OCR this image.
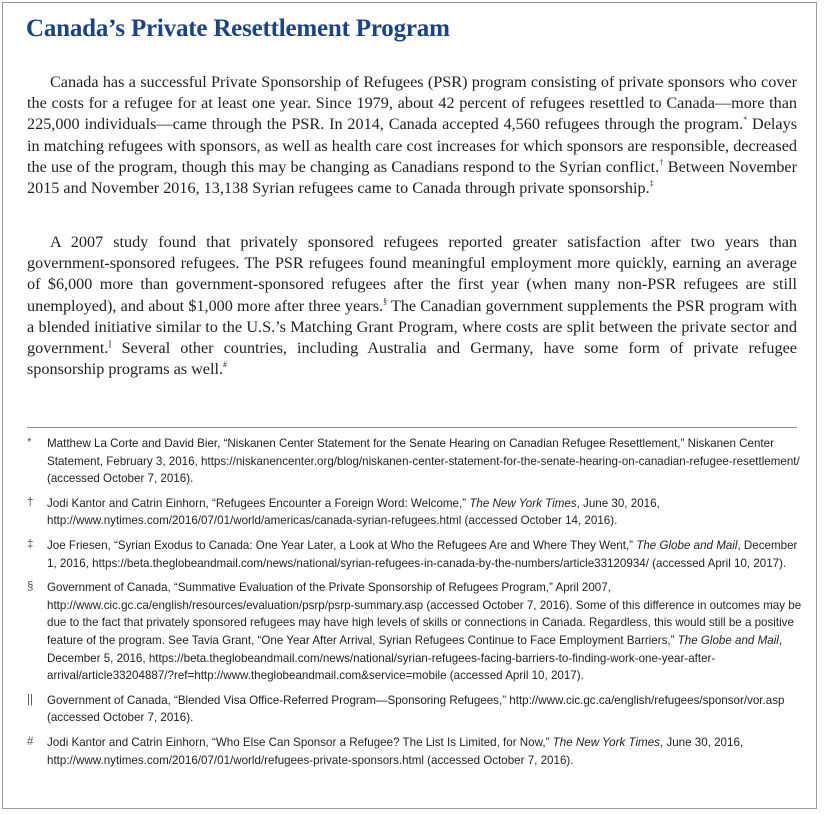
Canada’s Private Resettlement Program

Canada has a successful Private Sponsorship of Refugees (PSR) program consisting of private sponsors who cover the costs for a refugee for at least one year. Since 1979, about 42 percent of refugees resettled to Canada—more than 225,000 individuals—came through the PSR. In 2014, Canada accepted 4,560 refugees through the program.* Delays in matching refugees with sponsors, as well as health care cost increases for which sponsors are responsible, decreased the use of the program, though this may be changing as Canadians respond to the Syrian conflict.† Between November 2015 and November 2016, 13,138 Syrian refugees came to Canada through private sponsorship.‡

A 2007 study found that privately sponsored refugees reported greater satisfaction after two years than government-sponsored refugees. The PSR refugees found meaningful employment more quickly, earning an average of $6,000 more than government-sponsored refugees after the first year (when many non-PSR refugees are still unemployed), and about $1,000 more after three years.§ The Canadian government supplements the PSR program with a blended initiative similar to the U.S.’s Matching Grant Program, where costs are split between the private sector and government.|| Several other countries, including Australia and Germany, have some form of private refugee sponsorship programs as well.#

*	Matthew La Corte and David Bier, “Niskanen Center Statement for the Senate Hearing on Canadian Refugee Resettlement,” Niskanen Center Statement, February 3, 2016, https://niskanencenter.org/blog/niskanen-center-statement-for-the-senate-hearing-on-canadian-refugee-resettlement/ (accessed October 7, 2016).
†	Jodi Kantor and Catrin Einhorn, “Refugees Encounter a Foreign Word: Welcome,” The New York Times, June 30, 2016, http://www.nytimes.com/2016/07/01/world/americas/canada-syrian-refugees.html (accessed October 14, 2016).
‡	Joe Friesen, “Syrian Exodus to Canada: One Year Later, a Look at Who the Refugees Are and Where They Went,” The Globe and Mail, December 1, 2016, https://beta.theglobeandmail.com/news/national/syrian-refugees-in-canada-by-the-numbers/article33120934/ (accessed April 10, 2017).
§	Government of Canada, “Summative Evaluation of the Private Sponsorship of Refugees Program,” April 2007, http://www.cic.gc.ca/english/resources/evaluation/psrp/psrp-summary.asp (accessed October 7, 2016). Some of this difference in outcomes may be due to the fact that privately sponsored refugees may have high levels of skills or connections in Canada. Regardless, this would still be a positive feature of the program. See Tavia Grant, “One Year After Arrival, Syrian Refugees Continue to Face Employment Barriers,” The Globe and Mail, December 5, 2016, https://beta.theglobeandmail.com/news/national/syrian-refugees-facing-barriers-to-finding-work-one-year-after-arrival/article33204887/?ref=http://www.theglobeandmail.com&service=mobile (accessed April 10, 2017).
||	Government of Canada, “Blended Visa Office-Referred Program—Sponsoring Refugees,” http://www.cic.gc.ca/english/refugees/sponsor/vor.asp (accessed October 7, 2016).
#	Jodi Kantor and Catrin Einhorn, “Who Else Can Sponsor a Refugee? The List Is Limited, for Now,” The New York Times, June 30, 2016, http://www.nytimes.com/2016/07/01/world/refugees-private-sponsors.html (accessed October 7, 2016).
